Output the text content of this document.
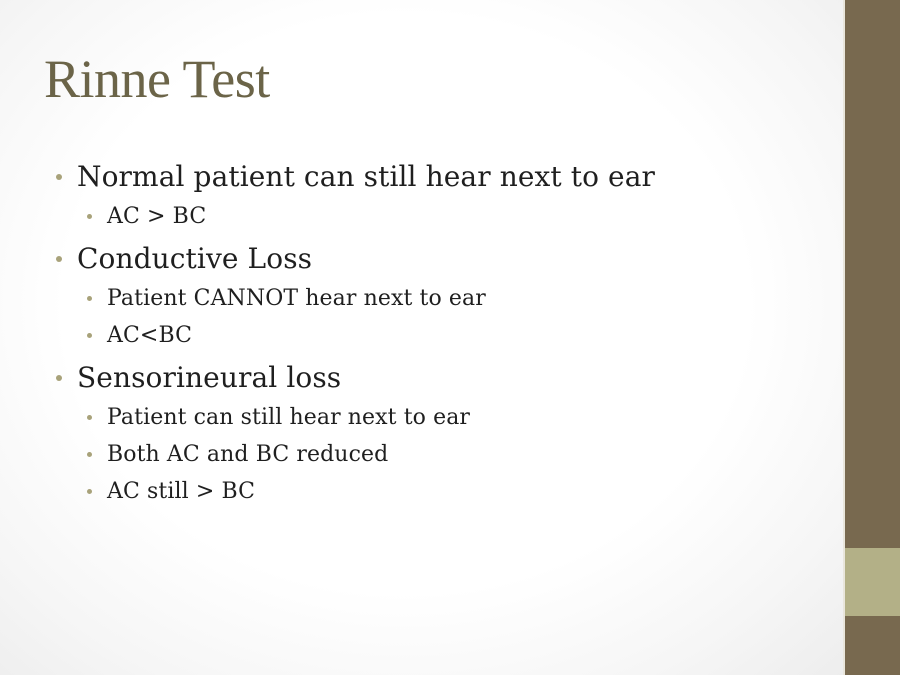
Rinne Test
Normal patient can still hear next to ear
AC > BC
Conductive Loss
Patient CANNOT hear next to ear
AC<BC
Sensorineural loss
Patient can still hear next to ear
Both AC and BC reduced
AC still > BC
